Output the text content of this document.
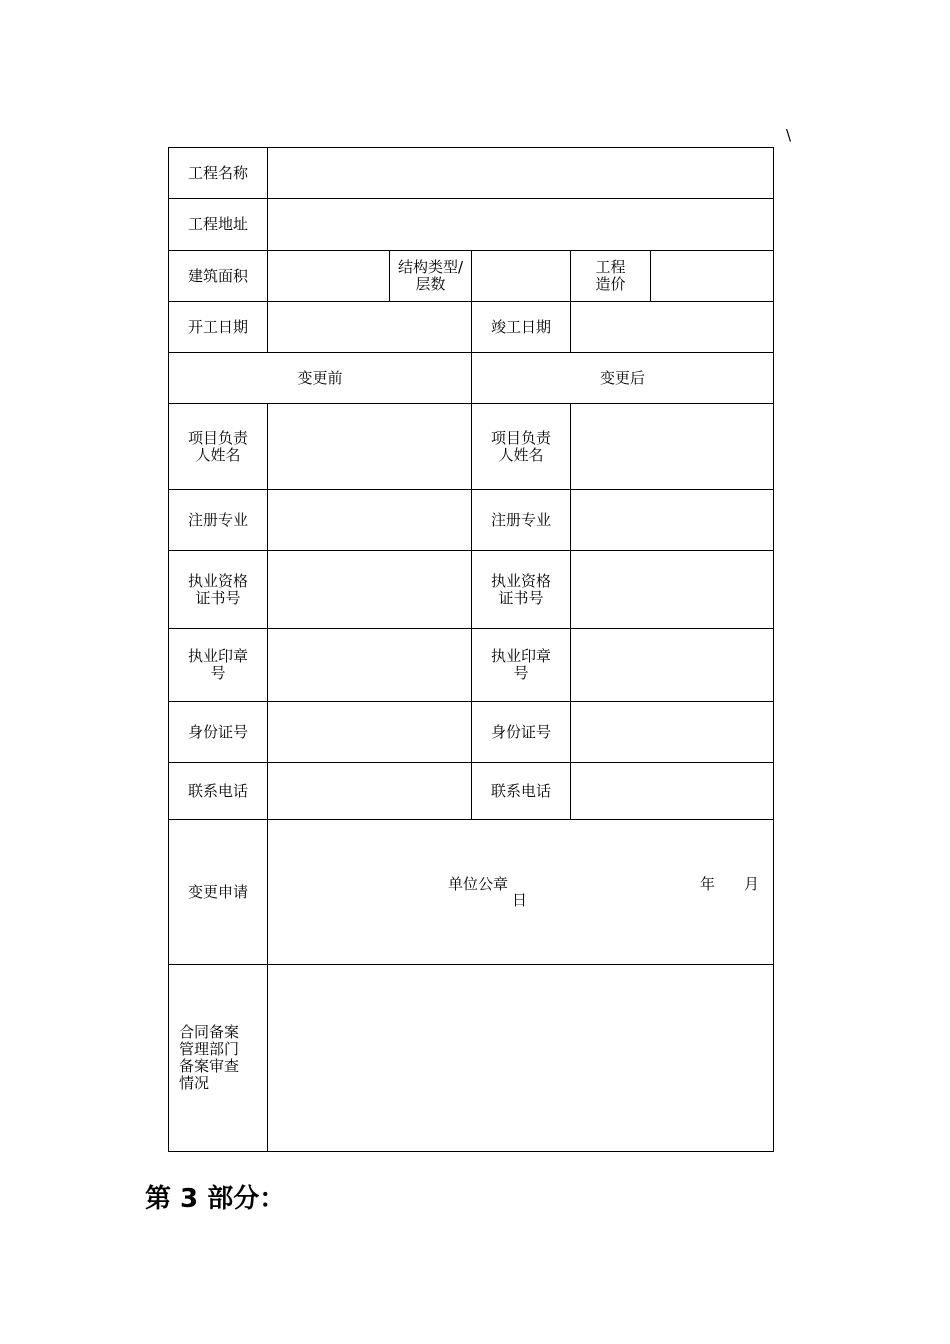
\
工程名称					
工程地址					
建筑面积		结构类型/层数		工程造价	
开工日期			竣工日期		
变更前			变更后		
项目负责人姓名			项目负责人姓名		
注册专业			注册专业		
执业资格证书号			执业资格证书号		
执业印章号			执业印章号		
身份证号			身份证号		
联系电话			联系电话		
变更申请	单位公章
日
年 月				

合同备案管理部门备案审查情况					
第 3 部分：
